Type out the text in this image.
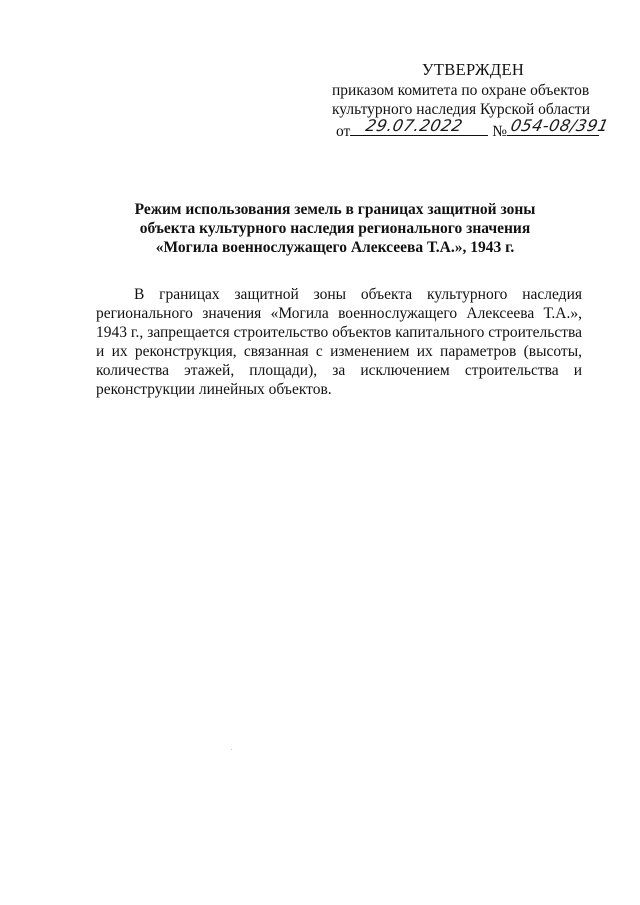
УТВЕРЖДЕН
приказом комитета по охране объектов
культурного наследия Курской области
от 29.07.2022 № 054-08/391
Режим использования земель в границах защитной зоны
объекта культурного наследия регионального значения
«Могила военнослужащего Алексеева Т.А.», 1943 г.
В границах защитной зоны объекта культурного наследия регионального значения «Могила военнослужащего Алексеева Т.А.», 1943 г., запрещается строительство объектов капитального строительства и их реконструкция, связанная с изменением их параметров (высоты, количества этажей, площади), за исключением строительства и реконструкции линейных объектов.
